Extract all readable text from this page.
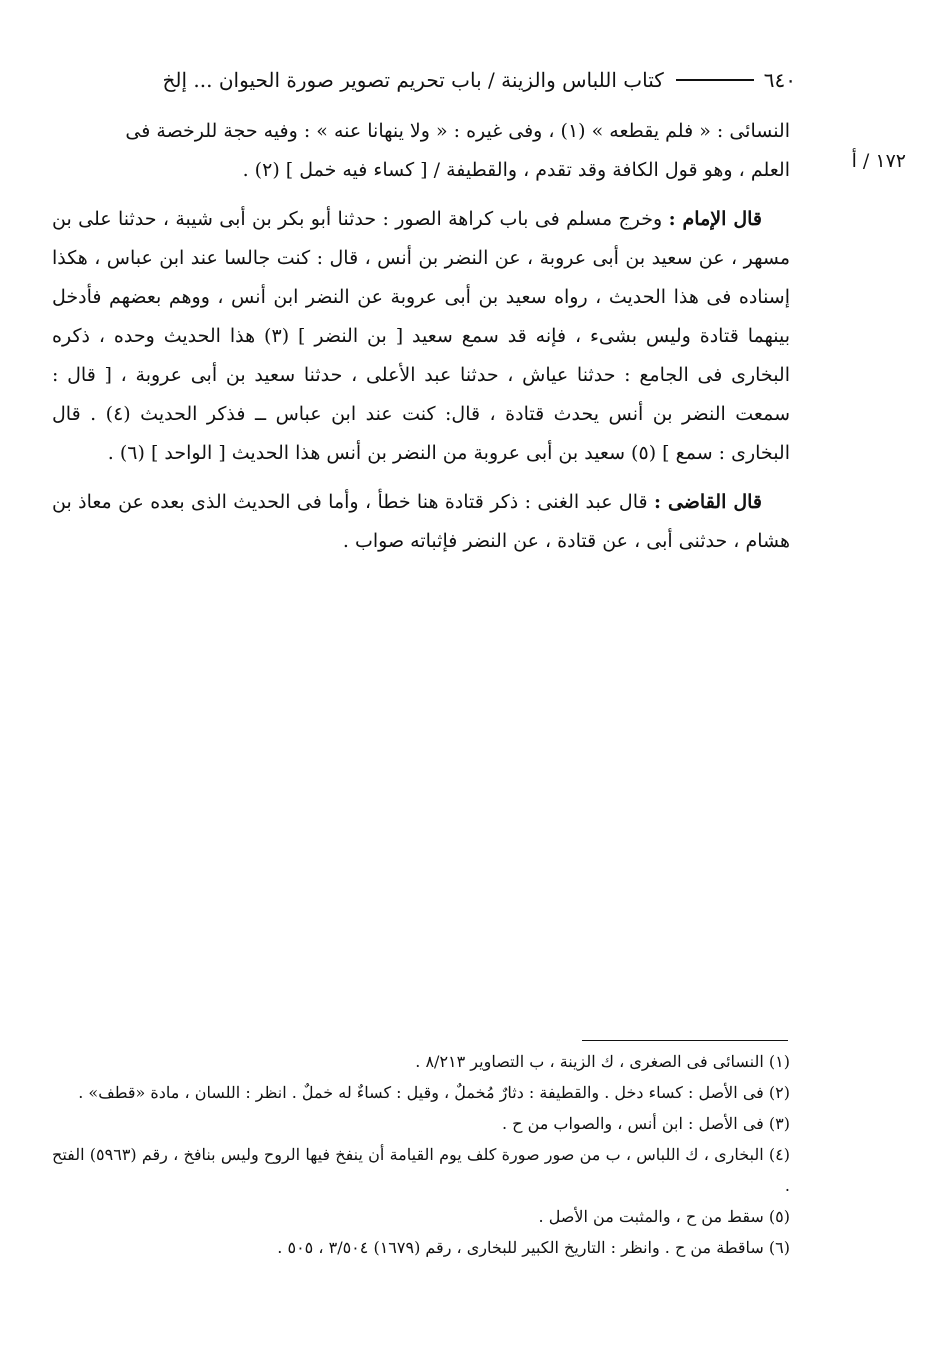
٦٤٠
كتاب اللباس والزينة / باب تحريم تصوير صورة الحيوان ... إلخ
١٧٢ / أ

النسائى : « فلم يقطعه » (١) ، وفى غيره : « ولا ينهانا عنه » : وفيه حجة للرخصة فى
العلم ، وهو قول الكافة وقد تقدم ، والقطيفة / [ كساء فيه خمل ] (٢) .

قال الإمام : وخرج مسلم فى باب كراهة الصور : حدثنا أبو بكر بن أبى شيبة ، حدثنا على بن مسهر ، عن سعيد بن أبى عروبة ، عن النضر بن أنس ، قال : كنت جالسا عند ابن عباس ، هكذا إسناده فى هذا الحديث ، رواه سعيد بن أبى عروبة عن النضر ابن أنس ، ووهم بعضهم فأدخل بينهما قتادة وليس بشىء ، فإنه قد سمع سعيد [ بن النضر ] (٣) هذا الحديث وحده ، ذكره البخارى فى الجامع : حدثنا عياش ، حدثنا عبد الأعلى ، حدثنا سعيد بن أبى عروبة ، [ قال : سمعت النضر بن أنس يحدث قتادة ، قال: كنت عند ابن عباس ــ فذكر الحديث (٤) . قال البخارى : سمع ] (٥) سعيد بن أبى عروبة من النضر بن أنس هذا الحديث [ الواحد ] (٦) .

قال القاضى : قال عبد الغنى : ذكر قتادة هنا خطأ ، وأما فى الحديث الذى بعده عن معاذ بن هشام ، حدثنى أبى ، عن قتادة ، عن النضر فإثباته صواب .

(١) النسائى فى الصغرى ، ك الزينة ، ب التصاوير ٨/٢١٣ .
(٢) فى الأصل : كساء دخل . والقطيفة : دثارٌ مُخملٌ ، وقيل : كساءٌ له خملٌ . انظر : اللسان ، مادة «قطف» .
(٣) فى الأصل : ابن أنس ، والصواب من ح .
(٤) البخارى ، ك اللباس ، ب من صور صورة كلف يوم القيامة أن ينفخ فيها الروح وليس بنافخ ، رقم (٥٩٦٣) الفتح .
(٥) سقط من ح ، والمثبت من الأصل .
(٦) ساقطة من ح . وانظر : التاريخ الكبير للبخارى ، رقم (١٦٧٩) ٣/٥٠٤ ، ٥٠٥ .
